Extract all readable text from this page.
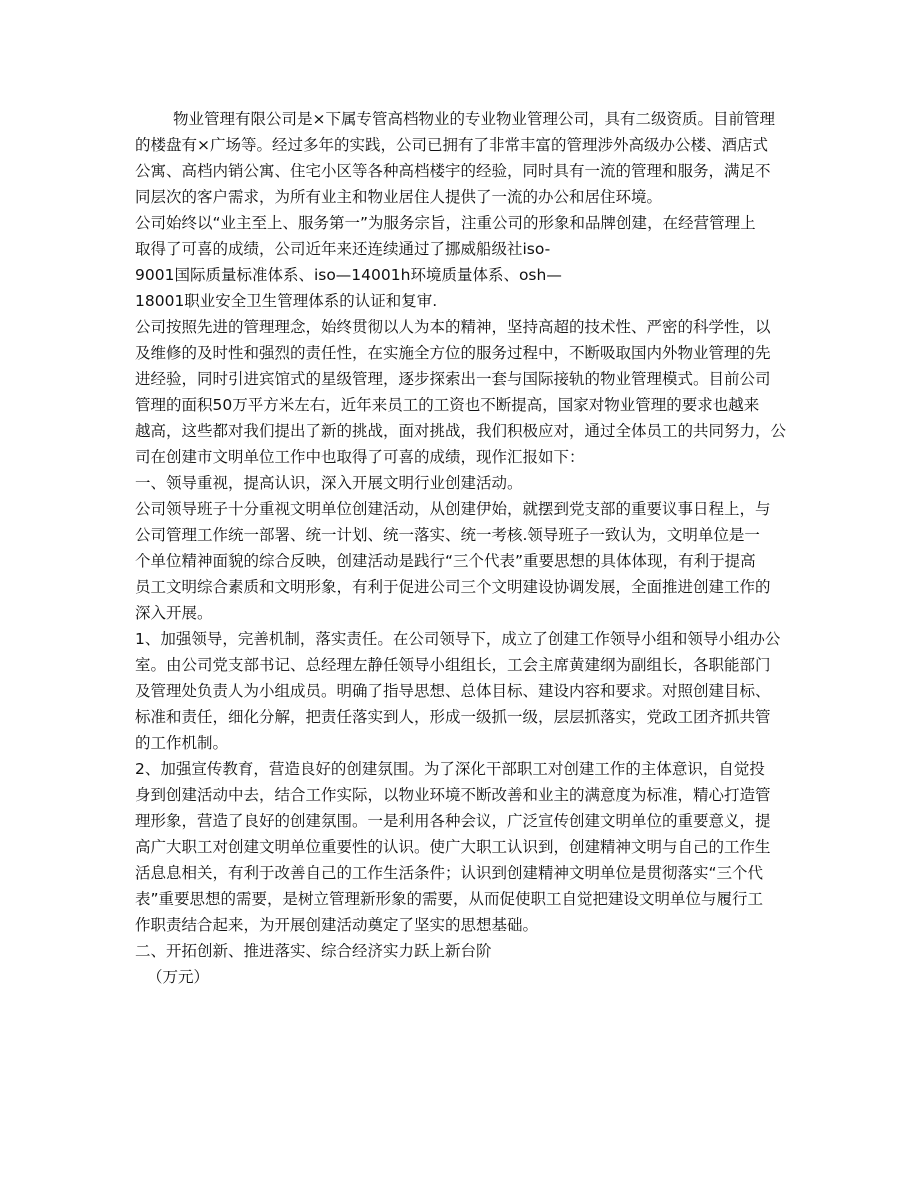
物业管理有限公司是×下属专管高档物业的专业物业管理公司，具有二级资质。目前管理
的楼盘有×广场等。经过多年的实践，公司已拥有了非常丰富的管理涉外高级办公楼、酒店式
公寓、高档内销公寓、住宅小区等各种高档楼宇的经验，同时具有一流的管理和服务，满足不
同层次的客户需求，为所有业主和物业居住人提供了一流的办公和居住环境。
公司始终以“业主至上、服务第一”为服务宗旨，注重公司的形象和品牌创建，在经营管理上
取得了可喜的成绩，公司近年来还连续通过了挪威船级社iso-
9001国际质量标准体系、iso—14001h环境质量体系、osh—
18001职业安全卫生管理体系的认证和复审.
公司按照先进的管理理念，始终贯彻以人为本的精神，坚持高超的技术性、严密的科学性，以
及维修的及时性和强烈的责任性，在实施全方位的服务过程中，不断吸取国内外物业管理的先
进经验，同时引进宾馆式的星级管理，逐步探索出一套与国际接轨的物业管理模式。目前公司
管理的面积50万平方米左右，近年来员工的工资也不断提高，国家对物业管理的要求也越来
越高，这些都对我们提出了新的挑战，面对挑战，我们积极应对，通过全体员工的共同努力，公
司在创建市文明单位工作中也取得了可喜的成绩，现作汇报如下：
一、领导重视，提高认识，深入开展文明行业创建活动。
公司领导班子十分重视文明单位创建活动，从创建伊始，就摆到党支部的重要议事日程上，与
公司管理工作统一部署、统一计划、统一落实、统一考核.领导班子一致认为，文明单位是一
个单位精神面貌的综合反映，创建活动是践行“三个代表”重要思想的具体体现，有利于提高
员工文明综合素质和文明形象，有利于促进公司三个文明建设协调发展，全面推进创建工作的
深入开展。
1、加强领导，完善机制，落实责任。在公司领导下，成立了创建工作领导小组和领导小组办公
室。由公司党支部书记、总经理左静任领导小组组长，工会主席黄建纲为副组长，各职能部门
及管理处负责人为小组成员。明确了指导思想、总体目标、建设内容和要求。对照创建目标、
标准和责任，细化分解，把责任落实到人，形成一级抓一级，层层抓落实，党政工团齐抓共管
的工作机制。
2、加强宣传教育，营造良好的创建氛围。为了深化干部职工对创建工作的主体意识，自觉投
身到创建活动中去，结合工作实际，以物业环境不断改善和业主的满意度为标准，精心打造管
理形象，营造了良好的创建氛围。一是利用各种会议，广泛宣传创建文明单位的重要意义，提
高广大职工对创建文明单位重要性的认识。使广大职工认识到，创建精神文明与自己的工作生
活息息相关，有利于改善自己的工作生活条件；认识到创建精神文明单位是贯彻落实“三个代
表”重要思想的需要，是树立管理新形象的需要，从而促使职工自觉把建设文明单位与履行工
作职责结合起来，为开展创建活动奠定了坚实的思想基础。
二、开拓创新、推进落实、综合经济实力跃上新台阶
（万元）
